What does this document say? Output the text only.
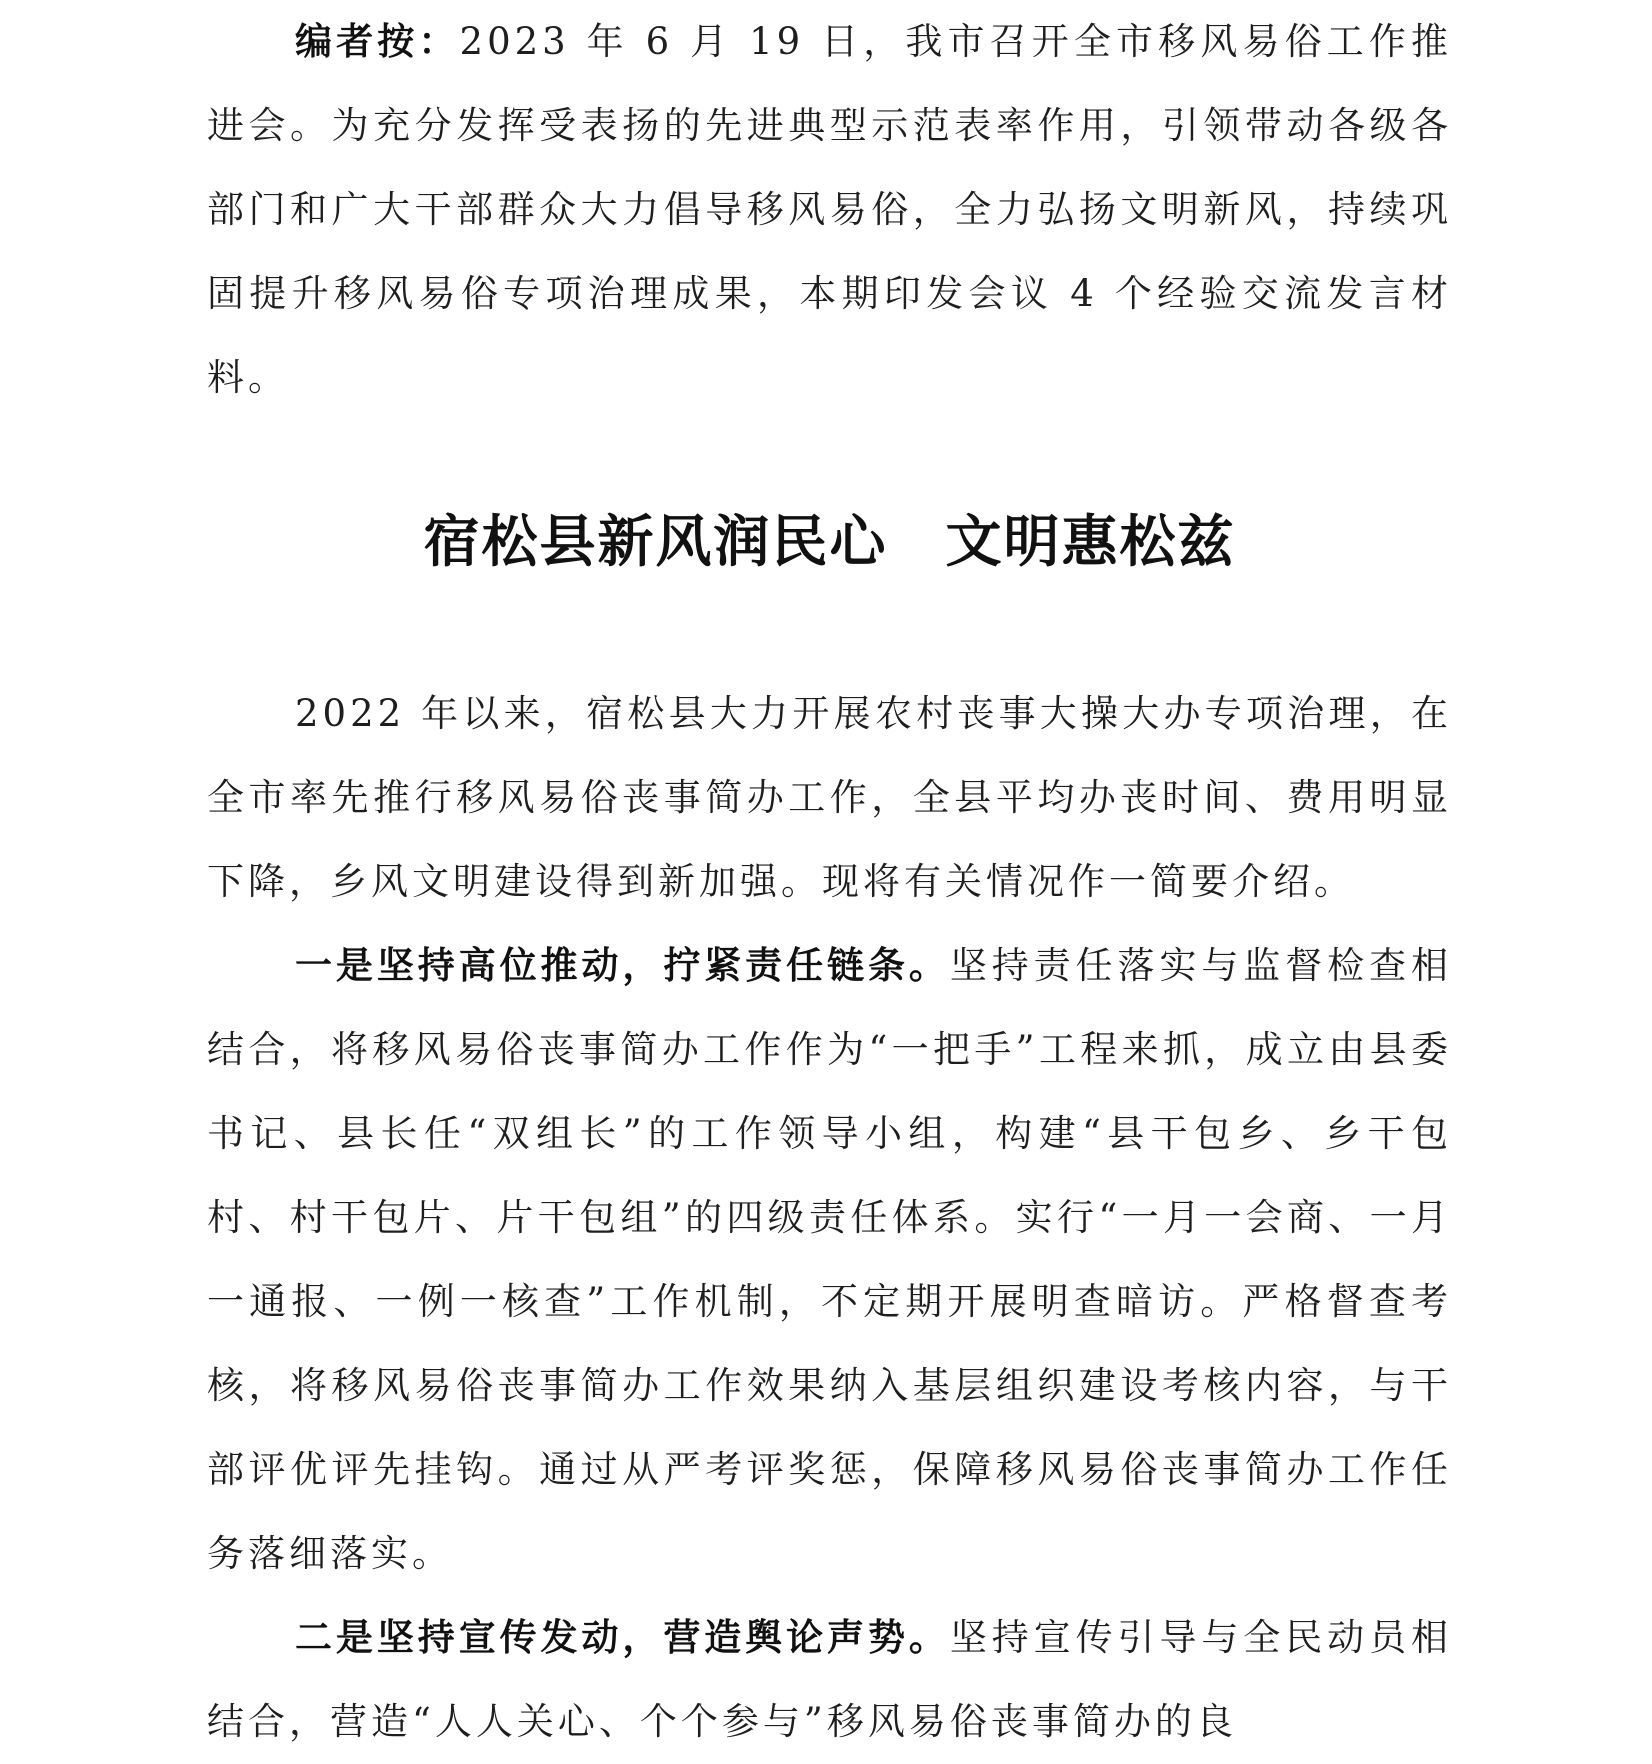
编者按：2023 年 6 月 19 日，我市召开全市移风易俗工作推进会。为充分发挥受表扬的先进典型示范表率作用，引领带动各级各部门和广大干部群众大力倡导移风易俗，全力弘扬文明新风，持续巩固提升移风易俗专项治理成果，本期印发会议 4 个经验交流发言材料。

宿松县新风润民心　文明惠松兹

2022 年以来，宿松县大力开展农村丧事大操大办专项治理，在全市率先推行移风易俗丧事简办工作，全县平均办丧时间、费用明显下降，乡风文明建设得到新加强。现将有关情况作一简要介绍。

一是坚持高位推动，拧紧责任链条。坚持责任落实与监督检查相结合，将移风易俗丧事简办工作作为“一把手”工程来抓，成立由县委书记、县长任“双组长”的工作领导小组，构建“县干包乡、乡干包村、村干包片、片干包组”的四级责任体系。实行“一月一会商、一月一通报、一例一核查”工作机制，不定期开展明查暗访。严格督查考核，将移风易俗丧事简办工作效果纳入基层组织建设考核内容，与干部评优评先挂钩。通过从严考评奖惩，保障移风易俗丧事简办工作任务落细落实。

二是坚持宣传发动，营造舆论声势。坚持宣传引导与全民动员相结合，营造“人人关心、个个参与”移风易俗丧事简办的良
